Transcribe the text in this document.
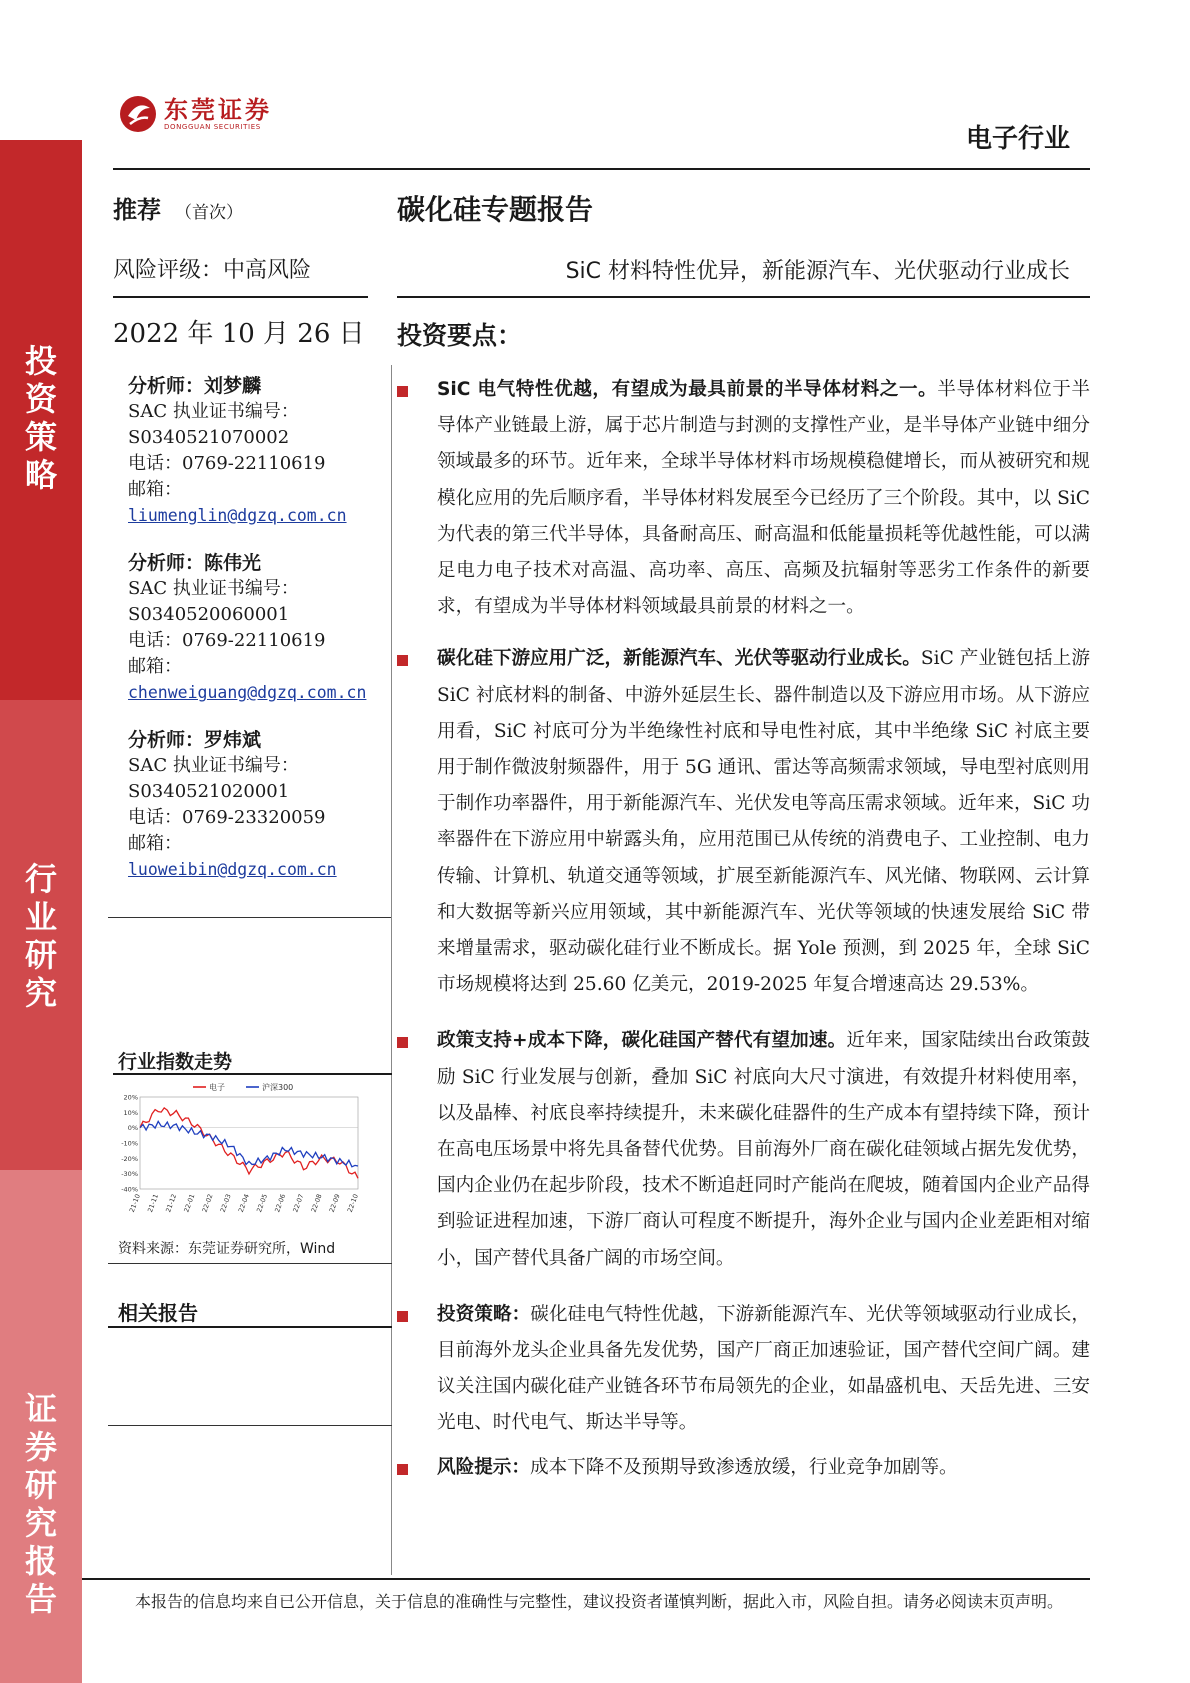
投
资
策
略
行
业
研
究
证
券
研
究
报
告
东莞证券
DONGGUAN SECURITIES	电子行业
推荐 （首次）
风险评级：中高风险
2022 年 10 月 26 日
碳化硅专题报告
SiC 材料特性优异，新能源汽车、光伏驱动行业成长
投资要点：
分析师：刘梦麟
SAC 执业证书编号：
S0340521070002
电话：0769-22110619
邮箱：
liumenglin@dgzq.com.cn
分析师：陈伟光
SAC 执业证书编号：
S0340520060001
电话：0769-22110619
邮箱：
chenweiguang@dgzq.com.cn
分析师：罗炜斌
SAC 执业证书编号：
S0340521020001
电话：0769-23320059
邮箱：
luoweibin@dgzq.com.cn
行业指数走势
电子	沪深300
20%
10%
0%
-10%
-20%
-30%
-40%
21-10 21-11 21-12 22-01 22-02 22-03 22-04 22-05 22-06 22-07 22-08 22-09 22-10
资料来源：东莞证券研究所，Wind
相关报告
SiC 电气特性优越，有望成为最具前景的半导体材料之一。半导体材料位于半导体产业链最上游，属于芯片制造与封测的支撑性产业，是半导体产业链中细分领域最多的环节。近年来，全球半导体材料市场规模稳健增长，而从被研究和规模化应用的先后顺序看，半导体材料发展至今已经历了三个阶段。其中，以 SiC 为代表的第三代半导体，具备耐高压、耐高温和低能量损耗等优越性能，可以满足电力电子技术对高温、高功率、高压、高频及抗辐射等恶劣工作条件的新要求，有望成为半导体材料领域最具前景的材料之一。
碳化硅下游应用广泛，新能源汽车、光伏等驱动行业成长。SiC 产业链包括上游 SiC 衬底材料的制备、中游外延层生长、器件制造以及下游应用市场。从下游应用看，SiC 衬底可分为半绝缘性衬底和导电性衬底，其中半绝缘 SiC 衬底主要用于制作微波射频器件，用于 5G 通讯、雷达等高频需求领域，导电型衬底则用于制作功率器件，用于新能源汽车、光伏发电等高压需求领域。近年来，SiC 功率器件在下游应用中崭露头角，应用范围已从传统的消费电子、工业控制、电力传输、计算机、轨道交通等领域，扩展至新能源汽车、风光储、物联网、云计算和大数据等新兴应用领域，其中新能源汽车、光伏等领域的快速发展给 SiC 带来增量需求，驱动碳化硅行业不断成长。据 Yole 预测，到 2025 年，全球 SiC 市场规模将达到 25.60 亿美元，2019-2025 年复合增速高达 29.53%。
政策支持+成本下降，碳化硅国产替代有望加速。近年来，国家陆续出台政策鼓励 SiC 行业发展与创新，叠加 SiC 衬底向大尺寸演进，有效提升材料使用率，以及晶棒、衬底良率持续提升，未来碳化硅器件的生产成本有望持续下降，预计在高电压场景中将先具备替代优势。目前海外厂商在碳化硅领域占据先发优势，国内企业仍在起步阶段，技术不断追赶同时产能尚在爬坡，随着国内企业产品得到验证进程加速，下游厂商认可程度不断提升，海外企业与国内企业差距相对缩小，国产替代具备广阔的市场空间。
投资策略：碳化硅电气特性优越，下游新能源汽车、光伏等领域驱动行业成长，目前海外龙头企业具备先发优势，国产厂商正加速验证，国产替代空间广阔。建议关注国内碳化硅产业链各环节布局领先的企业，如晶盛机电、天岳先进、三安光电、时代电气、斯达半导等。
风险提示：成本下降不及预期导致渗透放缓，行业竞争加剧等。
本报告的信息均来自已公开信息，关于信息的准确性与完整性，建议投资者谨慎判断，据此入市，风险自担。请务必阅读末页声明。
